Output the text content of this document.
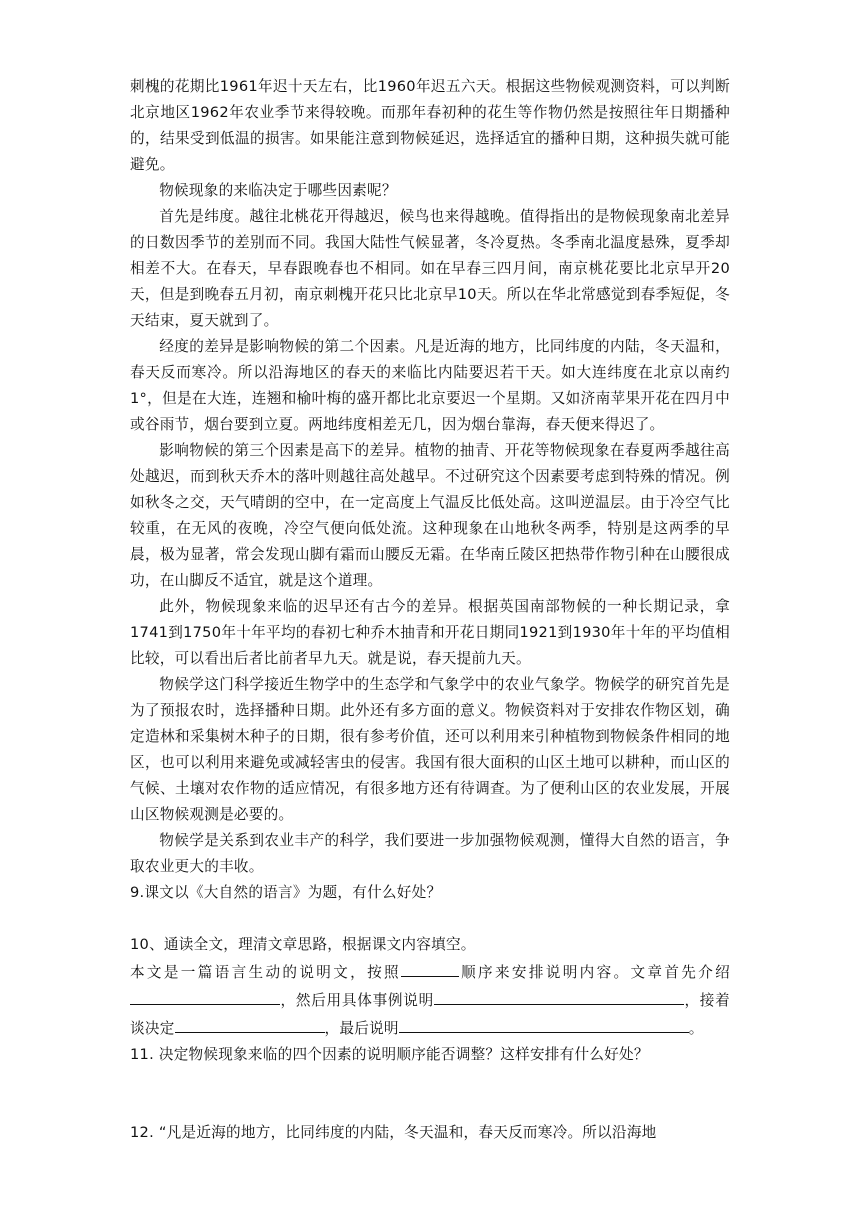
刺槐的花期比1961年迟十天左右，比1960年迟五六天。根据这些物候观测资料，可以判断北京地区1962年农业季节来得较晚。而那年春初种的花生等作物仍然是按照往年日期播种的，结果受到低温的损害。如果能注意到物候延迟，选择适宜的播种日期，这种损失就可能避免。

物候现象的来临决定于哪些因素呢？

首先是纬度。越往北桃花开得越迟，候鸟也来得越晚。值得指出的是物候现象南北差异的日数因季节的差别而不同。我国大陆性气候显著，冬冷夏热。冬季南北温度悬殊，夏季却相差不大。在春天，早春跟晚春也不相同。如在早春三四月间，南京桃花要比北京早开20天，但是到晚春五月初，南京刺槐开花只比北京早10天。所以在华北常感觉到春季短促，冬天结束，夏天就到了。

经度的差异是影响物候的第二个因素。凡是近海的地方，比同纬度的内陆，冬天温和，春天反而寒冷。所以沿海地区的春天的来临比内陆要迟若干天。如大连纬度在北京以南约1°，但是在大连，连翘和榆叶梅的盛开都比北京要迟一个星期。又如济南苹果开花在四月中或谷雨节，烟台要到立夏。两地纬度相差无几，因为烟台靠海，春天便来得迟了。

影响物候的第三个因素是高下的差异。植物的抽青、开花等物候现象在春夏两季越往高处越迟，而到秋天乔木的落叶则越往高处越早。不过研究这个因素要考虑到特殊的情况。例如秋冬之交，天气晴朗的空中，在一定高度上气温反比低处高。这叫逆温层。由于冷空气比较重，在无风的夜晚，冷空气便向低处流。这种现象在山地秋冬两季，特别是这两季的早晨，极为显著，常会发现山脚有霜而山腰反无霜。在华南丘陵区把热带作物引种在山腰很成功，在山脚反不适宜，就是这个道理。

此外，物候现象来临的迟早还有古今的差异。根据英国南部物候的一种长期记录，拿1741到1750年十年平均的春初七种乔木抽青和开花日期同1921到1930年十年的平均值相比较，可以看出后者比前者早九天。就是说，春天提前九天。

物候学这门科学接近生物学中的生态学和气象学中的农业气象学。物候学的研究首先是为了预报农时，选择播种日期。此外还有多方面的意义。物候资料对于安排农作物区划，确定造林和采集树木种子的日期，很有参考价值，还可以利用来引种植物到物候条件相同的地区，也可以利用来避免或减轻害虫的侵害。我国有很大面积的山区土地可以耕种，而山区的气候、土壤对农作物的适应情况，有很多地方还有待调查。为了便利山区的农业发展，开展山区物候观测是必要的。

物候学是关系到农业丰产的科学，我们要进一步加强物候观测，懂得大自然的语言，争取农业更大的丰收。

9.课文以《大自然的语言》为题，有什么好处？

10、通读全文，理清文章思路，根据课文内容填空。

本文是一篇语言生动的说明文，按照	顺序来安排说明内容。文章首先介绍，然后用具体事例说明	，接着谈决定	，最后说明	。

11. 决定物候现象来临的四个因素的说明顺序能否调整？这样安排有什么好处？

12. “凡是近海的地方，比同纬度的内陆，冬天温和，春天反而寒冷。所以沿海地
